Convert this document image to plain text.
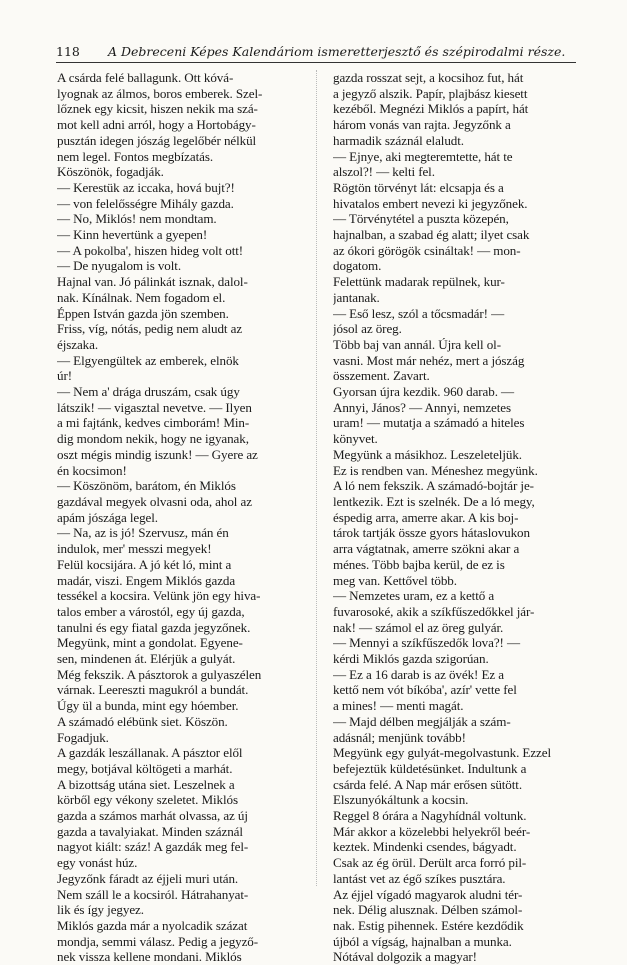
118 A Debreceni Képes Kalendáriom ismeretterjesztő és szépirodalmi része.
A csárda felé ballagunk. Ott kóvá-
lyognak az álmos, boros emberek. Szel-
lőznek egy kicsit, hiszen nekik ma szá-
mot kell adni arról, hogy a Hortobágy-
pusztán idegen jószág legelőbér nélkül
nem legel. Fontos megbízatás.
Köszönök, fogadják.
— Kerestük az iccaka, hová bujt?!
— von felelősségre Mihály gazda.
— No, Miklós! nem mondtam.
— Kinn hevertünk a gyepen!
— A pokolba', hiszen hideg volt ott!
— De nyugalom is volt.
Hajnal van. Jó pálinkát isznak, dalol-
nak. Kínálnak. Nem fogadom el.
Éppen István gazda jön szemben.
Friss, víg, nótás, pedig nem aludt az
éjszaka.
— Elgyengültek az emberek, elnök
úr!
— Nem a' drága druszám, csak úgy
látszik! — vigasztal nevetve. — Ilyen
a mi fajtánk, kedves cimborám! Min-
dig mondom nekik, hogy ne igyanak,
oszt mégis mindig iszunk! — Gyere az
én kocsimon!
— Köszönöm, barátom, én Miklós
gazdával megyek olvasni oda, ahol az
apám jószága legel.
— Na, az is jó! Szervusz, mán én
indulok, mer' messzi megyek!
Felül kocsijára. A jó két ló, mint a
madár, viszi. Engem Miklós gazda
tessékel a kocsira. Velünk jön egy hiva-
talos ember a várostól, egy új gazda,
tanulni és egy fiatal gazda jegyzőnek.
Megyünk, mint a gondolat. Egyene-
sen, mindenen át. Elérjük a gulyát.
Még fekszik. A pásztorok a gulyaszélen
várnak. Leereszti magukról a bundát.
Úgy ül a bunda, mint egy hóember.
A számadó elébünk siet. Köszön.
Fogadjuk.
A gazdák leszállanak. A pásztor elől
megy, botjával költögeti a marhát.
A bizottság utána siet. Leszelnek a
körből egy vékony szeletet. Miklós
gazda a számos marhát olvassa, az új
gazda a tavalyiakat. Minden száznál
nagyot kiált: száz! A gazdák meg fel-
egy vonást húz.
Jegyzőnk fáradt az éjjeli muri után.
Nem száll le a kocsiról. Hátrahanyat-
lik és így jegyez.
Miklós gazda már a nyolcadik százat
mondja, semmi válasz. Pedig a jegyző-
nek vissza kellene mondani. Miklós
gazda rosszat sejt, a kocsihoz fut, hát
a jegyző alszik. Papír, plajbász kiesett
kezéből. Megnézi Miklós a papírt, hát
három vonás van rajta. Jegyzőnk a
harmadik száznál elaludt.
— Ejnye, aki megteremtette, hát te
alszol?! — kelti fel.
Rögtön törvényt lát: elcsapja és a
hivatalos embert nevezi ki jegyzőnek.
— Törvénytétel a puszta közepén,
hajnalban, a szabad ég alatt; ilyet csak
az ókori görögök csináltak! — mon-
dogatom.
Felettünk madarak repülnek, kur-
jantanak.
— Eső lesz, szól a tőcsmadár! —
jósol az öreg.
Több baj van annál. Újra kell ol-
vasni. Most már nehéz, mert a jószág
összement. Zavart.
Gyorsan újra kezdik. 960 darab. —
Annyi, János? — Annyi, nemzetes
uram! — mutatja a számadó a hiteles
könyvet.
Megyünk a másikhoz. Leszeleteljük.
Ez is rendben van. Méneshez megyünk.
A ló nem fekszik. A számadó-bojtár je-
lentkezik. Ezt is szelnék. De a ló megy,
éspedig arra, amerre akar. A kis boj-
tárok tartják össze gyors hátaslovukon
arra vágtatnak, amerre szökni akar a
ménes. Több bajba kerül, de ez is
meg van. Kettővel több.
— Nemzetes uram, ez a kettő a
fuvarosoké, akik a szíkfűszedőkkel jár-
nak! — számol el az öreg gulyár.
— Mennyi a szíkfűszedők lova?! —
kérdi Miklós gazda szigorúan.
— Ez a 16 darab is az övék! Ez a
kettő nem vót bíkóba', azír' vette fel
a mines! — menti magát.
— Majd délben megjálják a szám-
adásnál; menjünk tovább!
Megyünk egy gulyát-megolvastunk. Ezzel
befejeztük küldetésünket. Indultunk a
csárda felé. A Nap már erősen sütött.
Elszunyókáltunk a kocsin.
Reggel 8 órára a Nagyhídnál voltunk.
Már akkor a közelebbi helyekről beér-
keztek. Mindenki csendes, bágyadt.
Csak az ég örül. Derült arca forró pil-
lantást vet az égő szíkes pusztára.
Az éjjel vígadó magyarok aludni tér-
nek. Délig alusznak. Délben számol-
nak. Estig pihennek. Estére kezdődik
újból a vígság, hajnalban a munka.
Nótával dolgozik a magyar!
